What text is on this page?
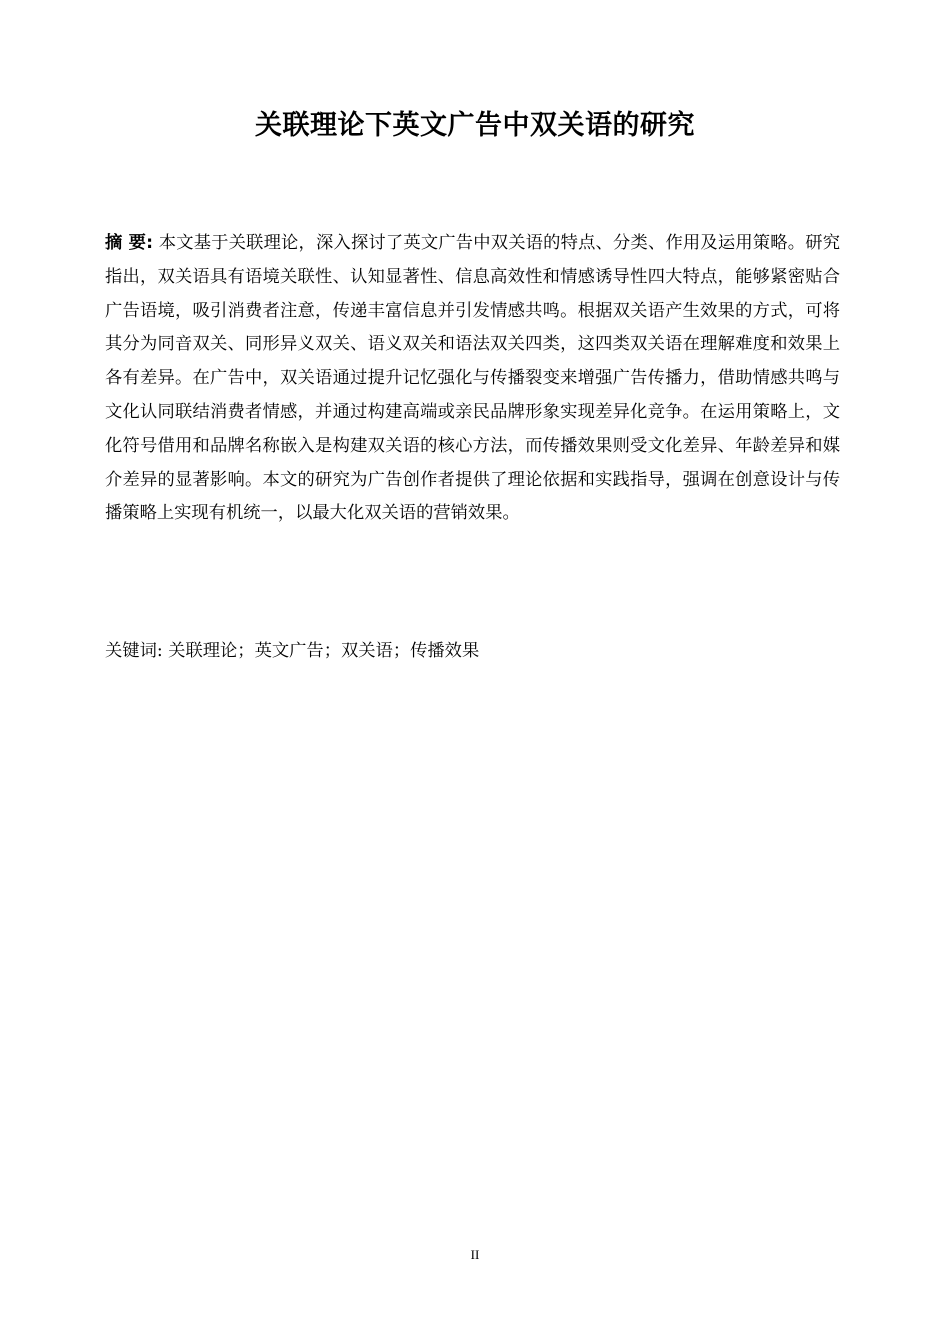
关联理论下英文广告中双关语的研究

摘 要: 本文基于关联理论，深入探讨了英文广告中双关语的特点、分类、作用及运用策略。研究指出，双关语具有语境关联性、认知显著性、信息高效性和情感诱导性四大特点，能够紧密贴合广告语境，吸引消费者注意，传递丰富信息并引发情感共鸣。根据双关语产生效果的方式，可将其分为同音双关、同形异义双关、语义双关和语法双关四类，这四类双关语在理解难度和效果上各有差异。在广告中，双关语通过提升记忆强化与传播裂变来增强广告传播力，借助情感共鸣与文化认同联结消费者情感，并通过构建高端或亲民品牌形象实现差异化竞争。在运用策略上，文化符号借用和品牌名称嵌入是构建双关语的核心方法，而传播效果则受文化差异、年龄差异和媒介差异的显著影响。本文的研究为广告创作者提供了理论依据和实践指导，强调在创意设计与传播策略上实现有机统一，以最大化双关语的营销效果。

关键词: 关联理论；英文广告；双关语；传播效果

II
